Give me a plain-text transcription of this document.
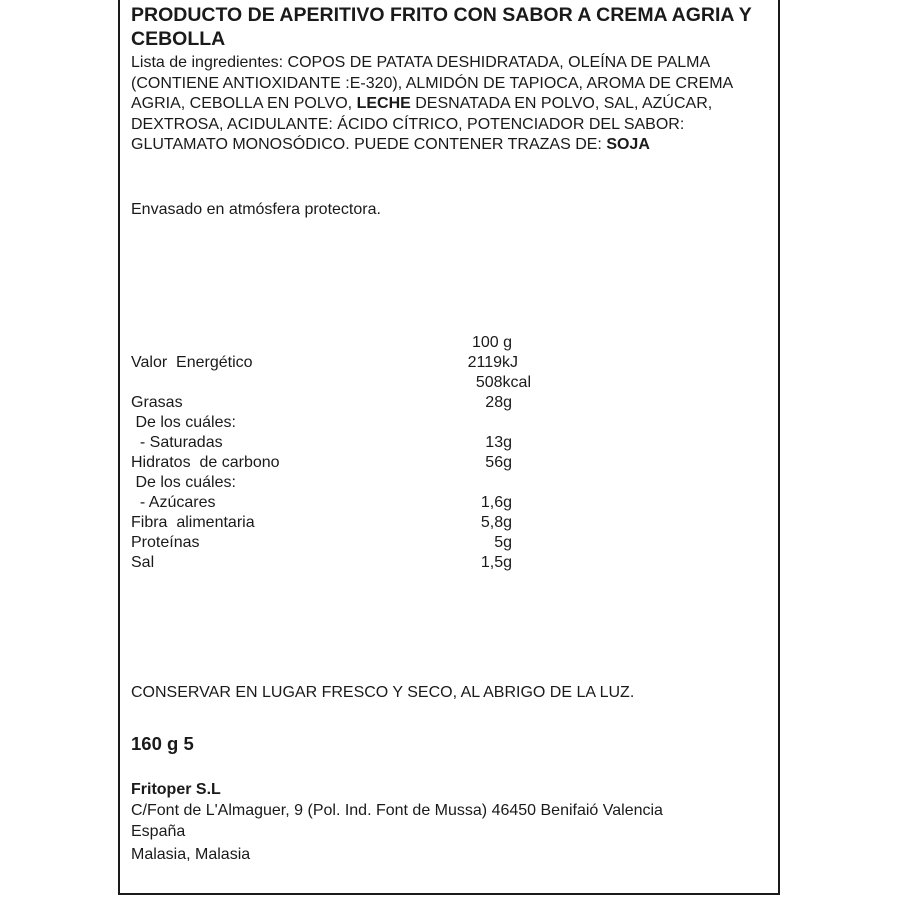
PRODUCTO DE APERITIVO FRITO CON SABOR A CREMA AGRIA Y CEBOLLA

Lista de ingredientes: COPOS DE PATATA DESHIDRATADA, OLEÍNA DE PALMA (CONTIENE ANTIOXIDANTE :E-320), ALMIDÓN DE TAPIOCA, AROMA DE CREMA AGRIA, CEBOLLA EN POLVO, LECHE DESNATADA EN POLVO, SAL, AZÚCAR, DEXTROSA, ACIDULANTE: ÁCIDO CÍTRICO, POTENCIADOR DEL SABOR: GLUTAMATO MONOSÓDICO. PUEDE CONTENER TRAZAS DE: SOJA

Envasado en atmósfera protectora.

100 g
Valor  Energético	2119kJ
508kcal
Grasas	28g
De los cuáles:
- Saturadas	13g
Hidratos  de carbono	56g
De los cuáles:
- Azúcares	1,6g
Fibra  alimentaria	5,8g
Proteínas	5g
Sal	1,5g

CONSERVAR EN LUGAR FRESCO Y SECO, AL ABRIGO DE LA LUZ.

160 g 5

Fritoper S.L

C/Font de L'Almaguer, 9 (Pol. Ind. Font de Mussa) 46450 Benifaió Valencia

España

Malasia, Malasia
